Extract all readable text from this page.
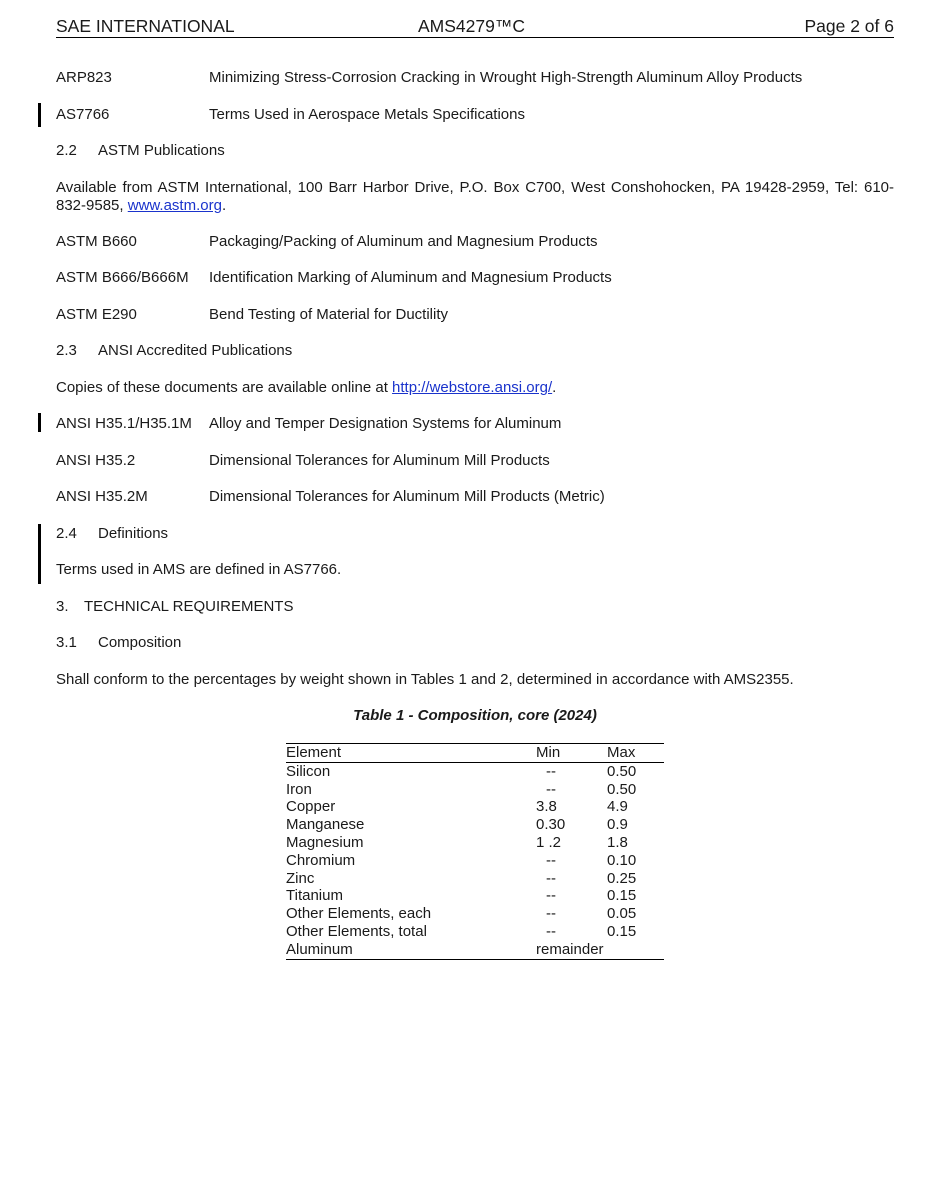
SAE INTERNATIONAL	AMS4279™C	Page 2 of 6
ARP823	Minimizing Stress-Corrosion Cracking in Wrought High-Strength Aluminum Alloy Products
AS7766	Terms Used in Aerospace Metals Specifications
2.2 ASTM Publications
Available from ASTM International, 100 Barr Harbor Drive, P.O. Box C700, West Conshohocken, PA 19428-2959, Tel: 610-832-9585, www.astm.org.
ASTM B660	Packaging/Packing of Aluminum and Magnesium Products
ASTM B666/B666M Identification Marking of Aluminum and Magnesium Products
ASTM E290	Bend Testing of Material for Ductility
2.3 ANSI Accredited Publications
Copies of these documents are available online at http://webstore.ansi.org/.
ANSI H35.1/H35.1M Alloy and Temper Designation Systems for Aluminum
ANSI H35.2	Dimensional Tolerances for Aluminum Mill Products
ANSI H35.2M	Dimensional Tolerances for Aluminum Mill Products (Metric)
2.4 Definitions
Terms used in AMS are defined in AS7766.
3. TECHNICAL REQUIREMENTS
3.1 Composition
Shall conform to the percentages by weight shown in Tables 1 and 2, determined in accordance with AMS2355.
Table 1 - Composition, core (2024)
Element	Min	Max
Silicon	--	0.50
Iron	--	0.50
Copper	3.8	4.9
Manganese	0.30	0.9
Magnesium	1 .2	1.8
Chromium	--	0.10
Zinc	--	0.25
Titanium	--	0.15
Other Elements, each	--	0.05
Other Elements, total	--	0.15
Aluminum	remainder	
